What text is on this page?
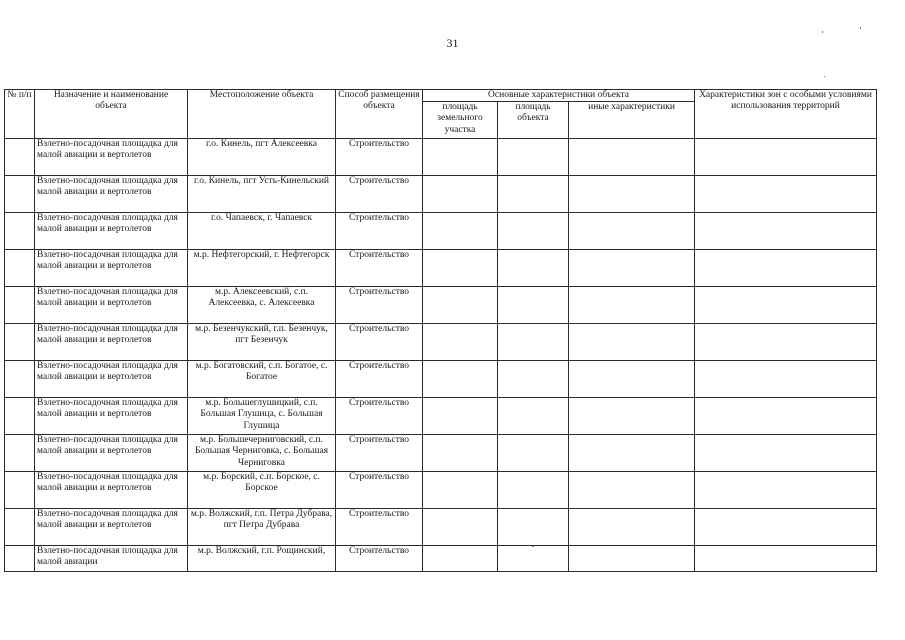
31
№ п/п	Назначение и наименование объекта	Местоположение объекта	Способ размещения объекта	Основные характеристики объекта			Характеристики зон с особыми условиями использования территорий
				площадь земельного участка	площадь объекта	иные характеристики	
	Взлетно-посадочная площадка для малой авиации и вертолетов	г.о. Кинель, пгт Алексеевка	Строительство				
	Взлетно-посадочная площадка для малой авиации и вертолетов	г.о. Кинель, пгт Усть-Кинельский	Строительство				
	Взлетно-посадочная площадка для малой авиации и вертолетов	г.о. Чапаевск, г. Чапаевск	Строительство				
	Взлетно-посадочная площадка для малой авиации и вертолетов	м.р. Нефтегорский, г. Нефтегорск	Строительство				
	Взлетно-посадочная площадка для малой авиации и вертолетов	м.р. Алексеевский, с.п. Алексеевка, с. Алексеевка	Строительство				
	Взлетно-посадочная площадка для малой авиации и вертолетов	м.р. Безенчукский, г.п. Безенчук, пгт Безенчук	Строительство				
	Взлетно-посадочная площадка для малой авиации и вертолетов	м.р. Богатовский, с.п. Богатое, с. Богатое	Строительство				
	Взлетно-посадочная площадка для малой авиации и вертолетов	м.р. Большеглушицкий, с.п. Большая Глушица, с. Большая Глушица	Строительство				
	Взлетно-посадочная площадка для малой авиации и вертолетов	м.р. Большечерниговский, с.п. Большая Черниговка, с. Большая Черниговка	Строительство				
	Взлетно-посадочная площадка для малой авиации и вертолетов	м.р. Борский, с.п. Борское, с. Борское	Строительство				
	Взлетно-посадочная площадка для малой авиации и вертолетов	м.р. Волжский, г.п. Петра Дубрава, пгт Петра Дубрава	Строительство				
	Взлетно-посадочная площадка для малой авиации	м.р. Волжский, г.п. Рощинский,	Строительство				
